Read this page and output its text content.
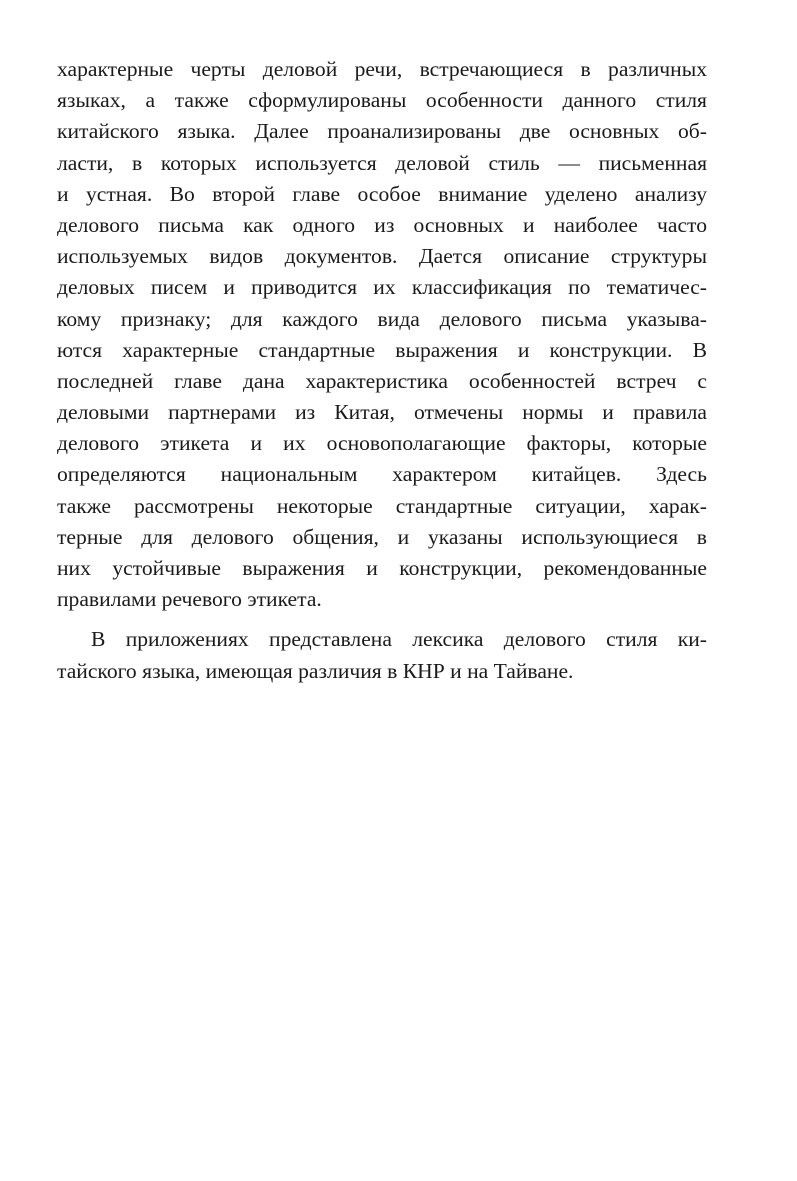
характерные черты деловой речи, встречающиеся в различных
языках, а также сформулированы особенности данного стиля
китайского языка. Далее проанализированы две основных об-
ласти, в которых используется деловой стиль — письменная
и устная. Во второй главе особое внимание уделено анализу
делового письма как одного из основных и наиболее часто
используемых видов документов. Дается описание структуры
деловых писем и приводится их классификация по тематичес-
кому признаку; для каждого вида делового письма указыва-
ются характерные стандартные выражения и конструкции. В
последней главе дана характеристика особенностей встреч с
деловыми партнерами из Китая, отмечены нормы и правила
делового этикета и их основополагающие факторы, которые
определяются национальным характером китайцев. Здесь
также рассмотрены некоторые стандартные ситуации, харак-
терные для делового общения, и указаны использующиеся в
них устойчивые выражения и конструкции, рекомендованные
правилами речевого этикета.
В приложениях представлена лексика делового стиля ки-
тайского языка, имеющая различия в КНР и на Тайване.
